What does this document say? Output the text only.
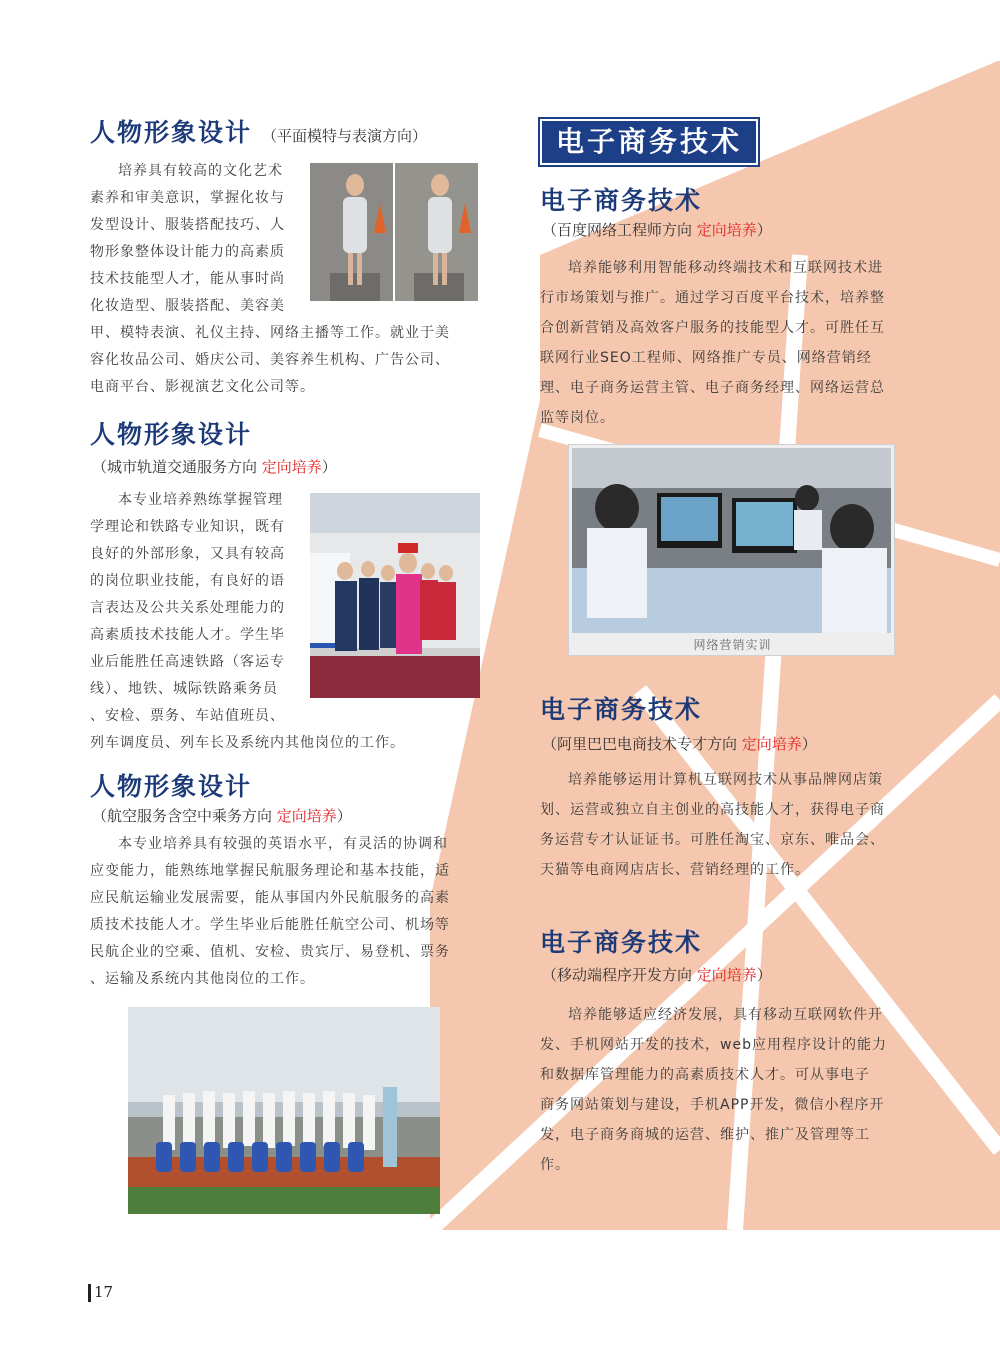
人物形象设计 （平面模特与表演方向）
培养具有较高的文化艺术
素养和审美意识，掌握化妆与
发型设计、服装搭配技巧、人
物形象整体设计能力的高素质
技术技能型人才，能从事时尚
化妆造型、服装搭配、美容美
甲、模特表演、礼仪主持、网络主播等工作。就业于美
容化妆品公司、婚庆公司、美容养生机构、广告公司、
电商平台、影视演艺文化公司等。
人物形象设计
（城市轨道交通服务方向 定向培养）
本专业培养熟练掌握管理
学理论和铁路专业知识，既有
良好的外部形象，又具有较高
的岗位职业技能，有良好的语
言表达及公共关系处理能力的
高素质技术技能人才。学生毕
业后能胜任高速铁路（客运专
线）、地铁、城际铁路乘务员
、安检、票务、车站值班员、
列车调度员、列车长及系统内其他岗位的工作。
人物形象设计
（航空服务含空中乘务方向 定向培养）
本专业培养具有较强的英语水平，有灵活的协调和
应变能力，能熟练地掌握民航服务理论和基本技能，适
应民航运输业发展需要，能从事国内外民航服务的高素
质技术技能人才。学生毕业后能胜任航空公司、机场等
民航企业的空乘、值机、安检、贵宾厅、易登机、票务
、运输及系统内其他岗位的工作。
电子商务技术
电子商务技术
（百度网络工程师方向 定向培养）
培养能够利用智能移动终端技术和互联网技术进
行市场策划与推广。通过学习百度平台技术，培养整
合创新营销及高效客户服务的技能型人才。可胜任互
联网行业SEO工程师、网络推广专员、网络营销经
理、电子商务运营主管、电子商务经理、网络运营总
监等岗位。
网络营销实训
电子商务技术
（阿里巴巴电商技术专才方向 定向培养）
培养能够运用计算机互联网技术从事品牌网店策
划、运营或独立自主创业的高技能人才，获得电子商
务运营专才认证证书。可胜任淘宝、京东、唯品会、
天猫等电商网店店长、营销经理的工作。
电子商务技术
（移动端程序开发方向 定向培养）
培养能够适应经济发展，具有移动互联网软件开
发、手机网站开发的技术，web应用程序设计的能力
和数据库管理能力的高素质技术人才。可从事电子
商务网站策划与建设，手机APP开发，微信小程序开
发，电子商务商城的运营、维护、推广及管理等工
作。
17
